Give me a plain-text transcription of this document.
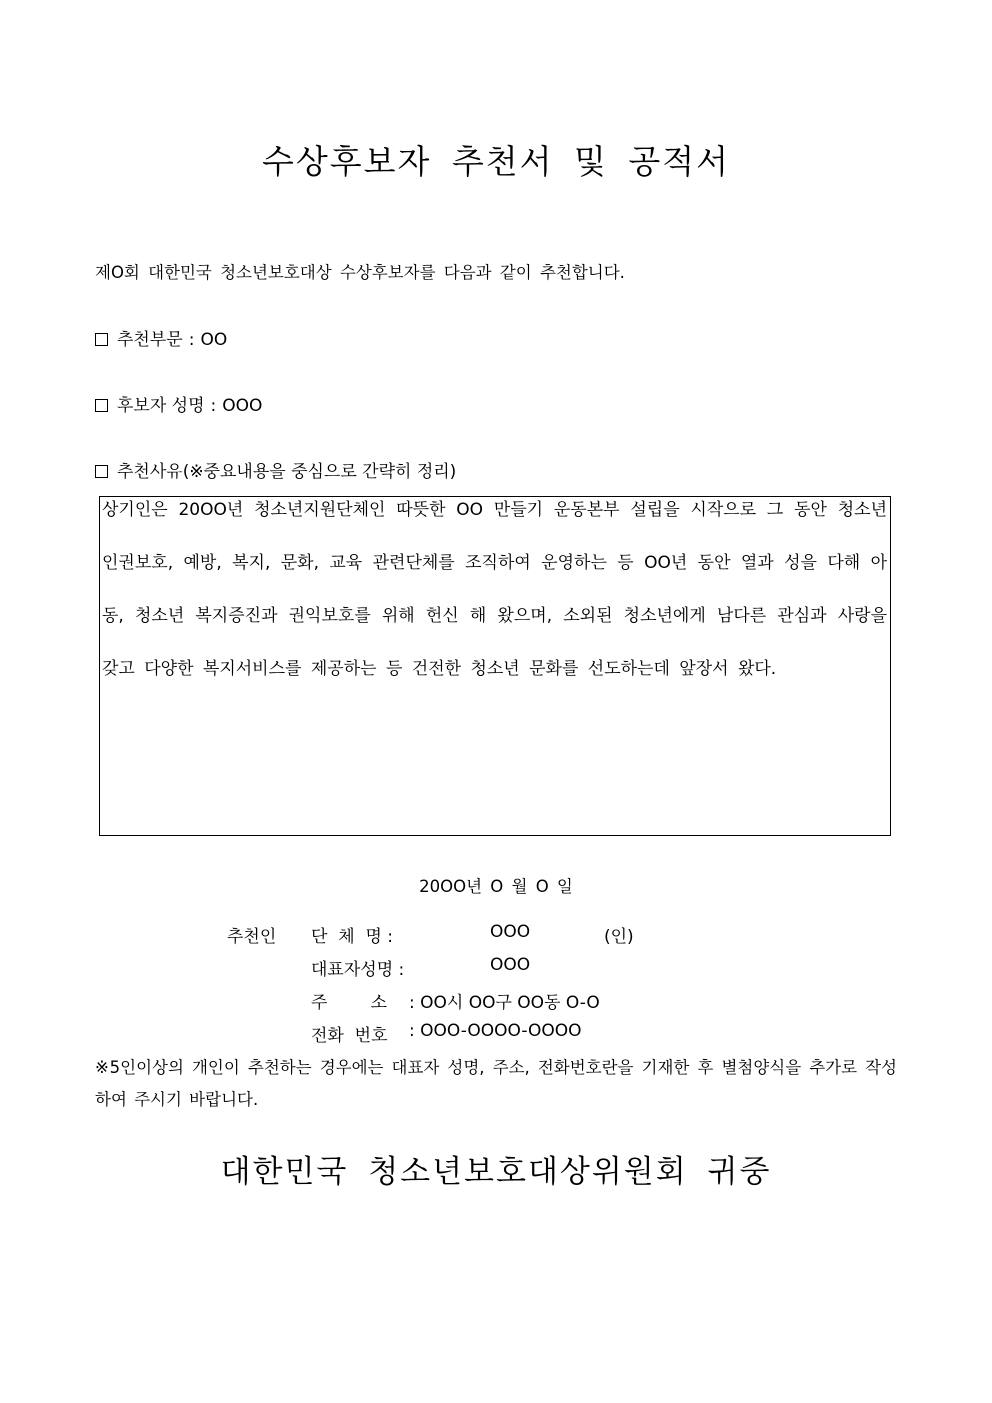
수상후보자 추천서 및 공적서
제O회 대한민국 청소년보호대상 수상후보자를 다음과 같이 추천합니다.
추천부문 : OO
후보자 성명 : OOO
추천사유(※중요내용을 중심으로 간략히 정리)

상기인은 20OO년 청소년지원단체인 따뜻한 OO 만들기 운동본부 설립을 시작으로 그 동안 청소년 인권보호, 예방, 복지, 문화, 교육 관련단체를 조직하여 운영하는 등 OO년 동안 열과 성을 다해 아동, 청소년 복지증진과 권익보호를 위해 헌신 해 왔으며, 소외된 청소년에게 남다른 관심과 사랑을 갖고 다양한 복지서비스를 제공하는 등 건전한 청소년 문화를 선도하는데 앞장서 왔다.

20OO년 O 월 O 일
추천인 단  체  명 :	OOO	(인)
대표자성명 :	OOO
주        소 : OO시 OO구 OO동 O-O
전화  번호 : OOO-OOOO-OOOO

※5인이상의 개인이 추천하는 경우에는 대표자 성명, 주소, 전화번호란을 기재한 후 별첨양식을 추가로 작성하여 주시기 바랍니다.

대한민국 청소년보호대상위원회 귀중
